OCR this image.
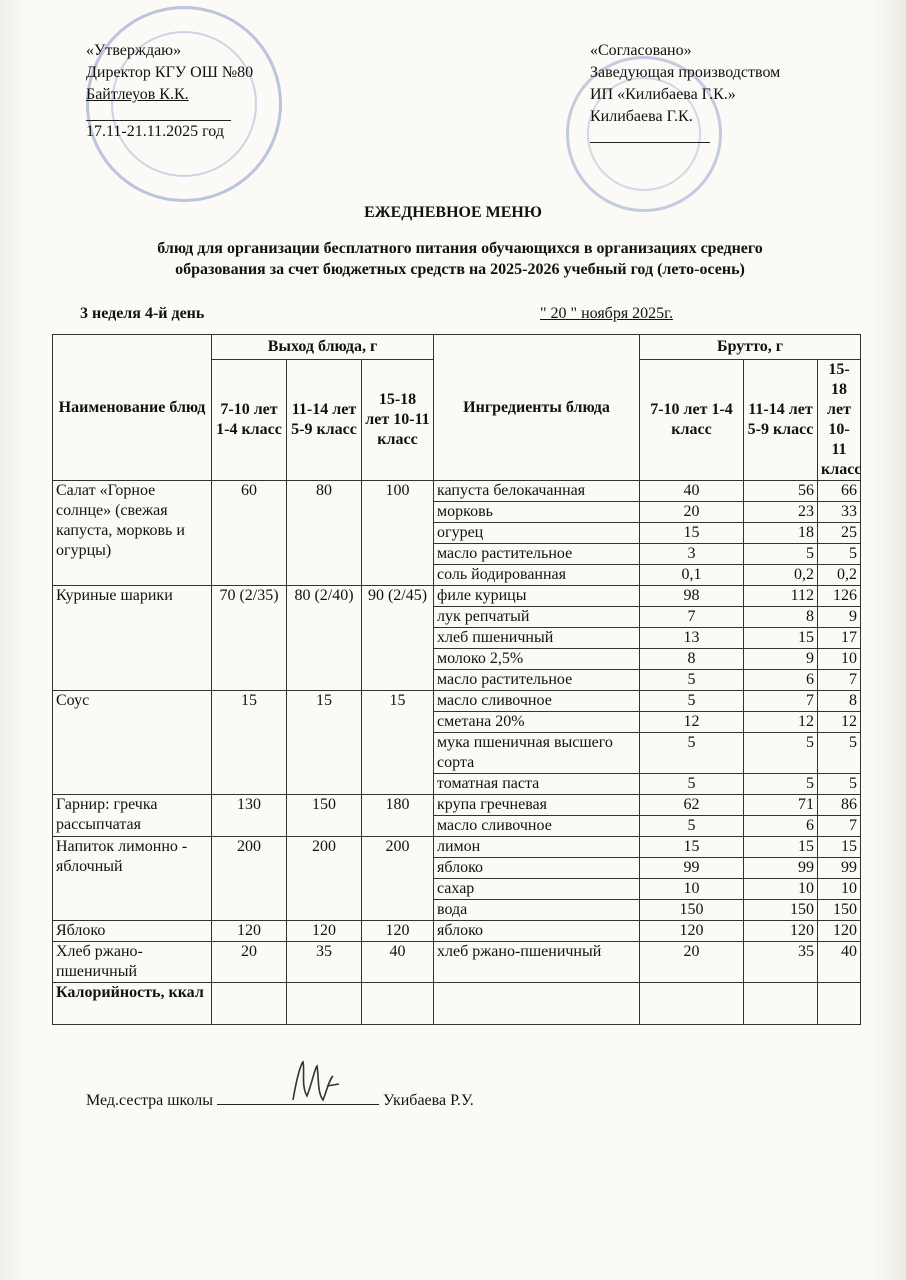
«Утверждаю»
Директор КГУ ОШ №80
Байтлеуов К.К.
17.11-21.11.2025 год
«Согласовано»
Заведующая производством
ИП «Килибаева Г.К.»
Килибаева Г.К.
ЕЖЕДНЕВНОЕ МЕНЮ
блюд для организации бесплатного питания обучающихся в организациях среднего
образования за счет бюджетных средств на 2025-2026 учебный год (лето-осень)
3 неделя 4-й день	" 20 " ноября 2025г.
Наименование блюд	Выход блюда, г			Ингредиенты блюда	Брутто, г		
	7-10 лет 1-4 класс	11-14 лет 5-9 класс	15-18 лет 10-11 класс		7-10 лет 1-4 класс	11-14 лет 5-9 класс	15-18 лет 10-11 класс
Салат «Горное солнце» (свежая капуста, морковь и огурцы)	60	80	100	капуста белокачанная	40	56	66
				морковь	20	23	33
				огурец	15	18	25
				масло растительное	3	5	5
				соль йодированная	0,1	0,2	0,2
Куриные шарики	70 (2/35)	80 (2/40)	90 (2/45)	филе курицы	98	112	126
				лук репчатый	7	8	9
				хлеб пшеничный	13	15	17
				молоко 2,5%	8	9	10
				масло растительное	5	6	7
Соус	15	15	15	масло сливочное	5	7	8
				сметана 20%	12	12	12
				мука пшеничная высшего сорта	5	5	5
				томатная паста	5	5	5
Гарнир: гречка рассыпчатая	130	150	180	крупа гречневая	62	71	86
				масло сливочное	5	6	7
Напиток лимонно - яблочный	200	200	200	лимон	15	15	15
				яблоко	99	99	99
				сахар	10	10	10
				вода	150	150	150
Яблоко	120	120	120	яблоко	120	120	120
Хлеб ржано-пшеничный	20	35	40	хлеб ржано-пшеничный	20	35	40
Калорийность, ккал							
Мед.сестра школы	Укибаева Р.У.
